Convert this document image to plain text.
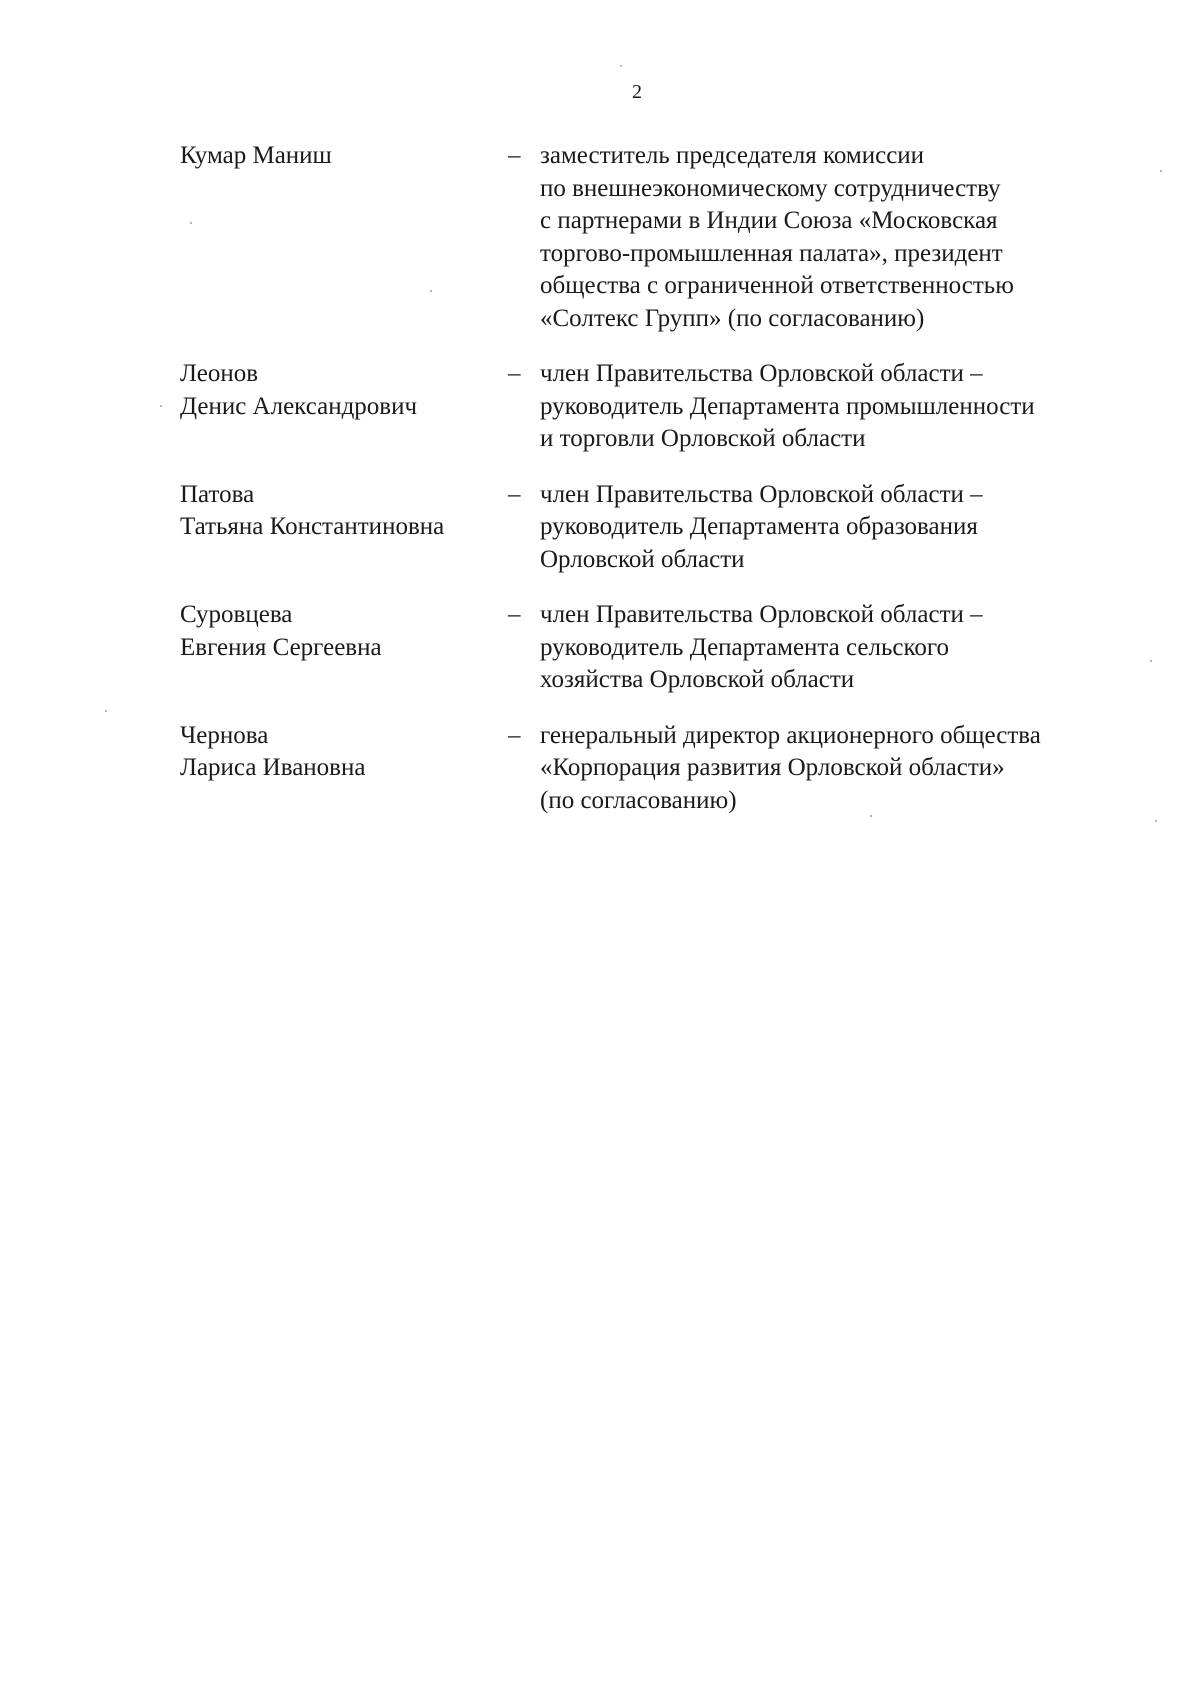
2
Кумар Маниш	– заместитель председателя комиссии
по внешнеэкономическому сотрудничеству
с партнерами в Индии Союза «Московская
торгово-промышленная палата», президент
общества с ограниченной ответственностью
«Солтекс Групп» (по согласованию)
Леонов
Денис Александрович
– член Правительства Орловской области –
руководитель Департамента промышленности
и торговли Орловской области
Патова
Татьяна Константиновна
– член Правительства Орловской области –
руководитель Департамента образования
Орловской области
Суровцева
Евгения Сергеевна
– член Правительства Орловской области –
руководитель Департамента сельского
хозяйства Орловской области
Чернова
Лариса Ивановна
– генеральный директор акционерного общества
«Корпорация развития Орловской области»
(по согласованию)
